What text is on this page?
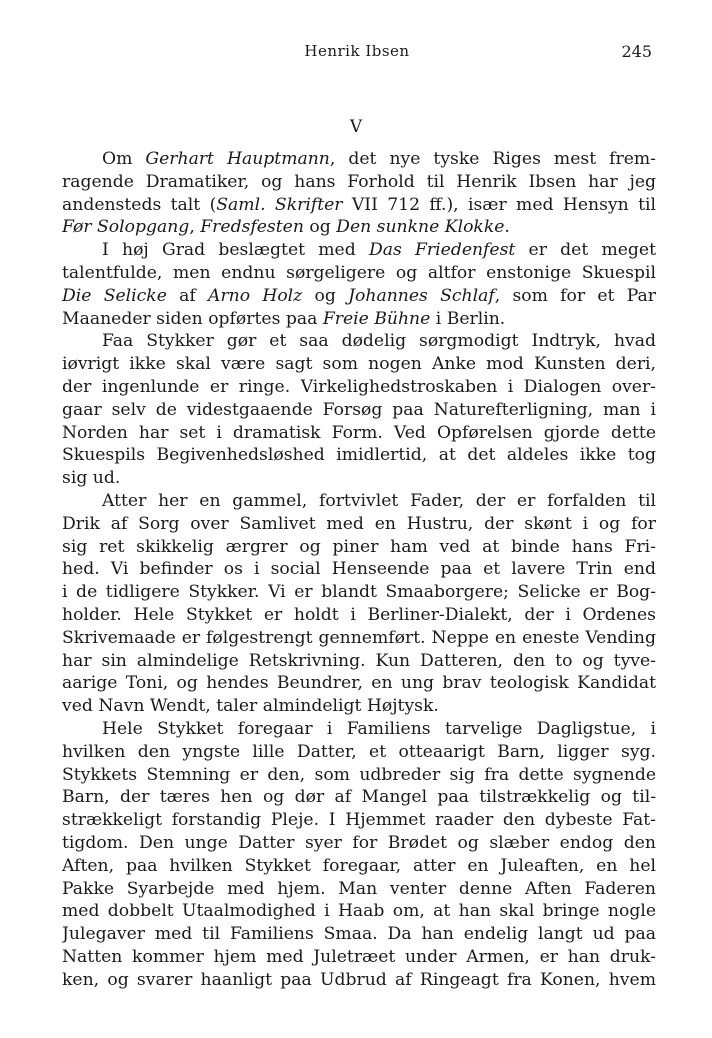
Henrik Ibsen	245
V
Om Gerhart Hauptmann, det nye tyske Riges mest frem-
ragende Dramatiker, og hans Forhold til Henrik Ibsen har jeg
andensteds talt (Saml. Skrifter VII 712 ff.), især med Hensyn til
Før Solopgang, Fredsfesten og Den sunkne Klokke.
I høj Grad beslægtet med Das Friedenfest er det meget
talentfulde, men endnu sørgeligere og altfor enstonige Skuespil
Die Selicke af Arno Holz og Johannes Schlaf, som for et Par
Maaneder siden opførtes paa Freie Bühne i Berlin.
Faa Stykker gør et saa dødelig sørgmodigt Indtryk, hvad
iøvrigt ikke skal være sagt som nogen Anke mod Kunsten deri,
der ingenlunde er ringe. Virkelighedstroskaben i Dialogen over-
gaar selv de videstgaaende Forsøg paa Naturefterligning, man i
Norden har set i dramatisk Form. Ved Opførelsen gjorde dette
Skuespils Begivenhedsløshed imidlertid, at det aldeles ikke tog
sig ud.
Atter her en gammel, fortvivlet Fader, der er forfalden til
Drik af Sorg over Samlivet med en Hustru, der skønt i og for
sig ret skikkelig ærgrer og piner ham ved at binde hans Fri-
hed. Vi befinder os i social Henseende paa et lavere Trin end
i de tidligere Stykker. Vi er blandt Smaaborgere; Selicke er Bog-
holder. Hele Stykket er holdt i Berliner-Dialekt, der i Ordenes
Skrivemaade er følgestrengt gennemført. Neppe en eneste Vending
har sin almindelige Retskrivning. Kun Datteren, den to og tyve-
aarige Toni, og hendes Beundrer, en ung brav teologisk Kandidat
ved Navn Wendt, taler almindeligt Højtysk.
Hele Stykket foregaar i Familiens tarvelige Dagligstue, i
hvilken den yngste lille Datter, et otteaarigt Barn, ligger syg.
Stykkets Stemning er den, som udbreder sig fra dette sygnende
Barn, der tæres hen og dør af Mangel paa tilstrækkelig og til-
strækkeligt forstandig Pleje. I Hjemmet raader den dybeste Fat-
tigdom. Den unge Datter syer for Brødet og slæber endog den
Aften, paa hvilken Stykket foregaar, atter en Juleaften, en hel
Pakke Syarbejde med hjem. Man venter denne Aften Faderen
med dobbelt Utaalmodighed i Haab om, at han skal bringe nogle
Julegaver med til Familiens Smaa. Da han endelig langt ud paa
Natten kommer hjem med Juletræet under Armen, er han druk-
ken, og svarer haanligt paa Udbrud af Ringeagt fra Konen, hvem
